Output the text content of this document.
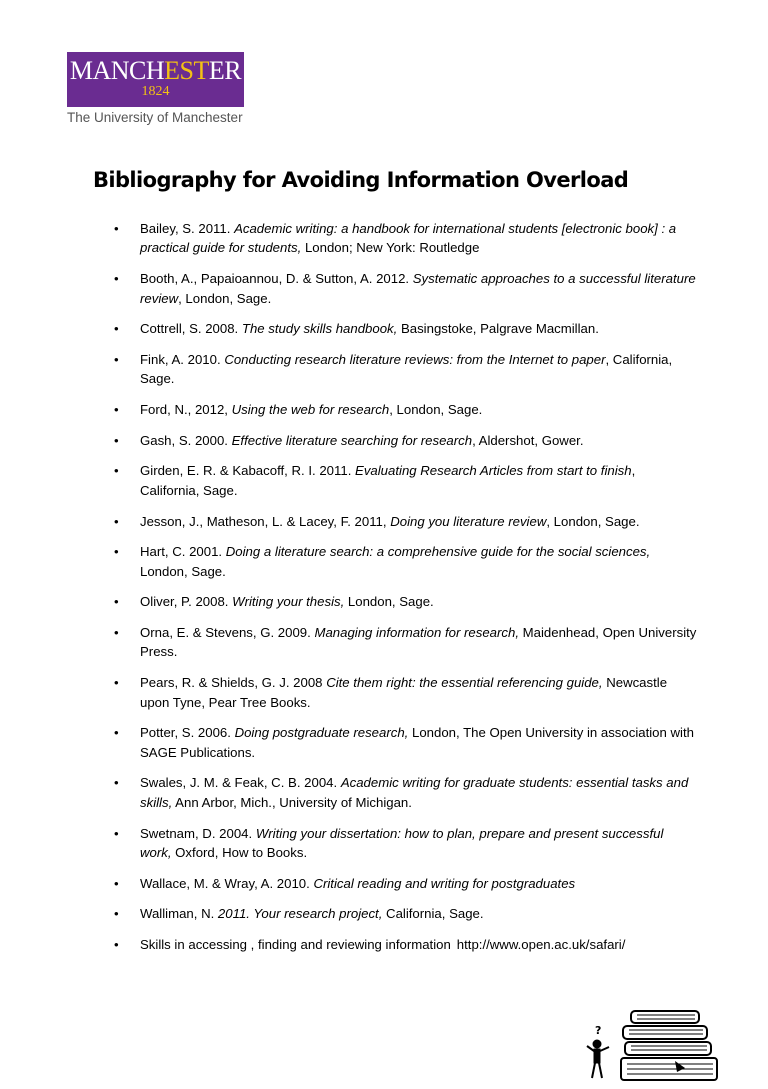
MANCHESTER
1824
The University of Manchester
Bibliography for Avoiding Information Overload
• Bailey, S. 2011. Academic writing: a handbook for international students [electronic book] : a practical guide for students, London; New York: Routledge
• Booth, A., Papaioannou, D. & Sutton, A. 2012. Systematic approaches to a successful literature review, London, Sage.
• Cottrell, S. 2008. The study skills handbook, Basingstoke, Palgrave Macmillan.
• Fink, A. 2010. Conducting research literature reviews: from the Internet to paper, California, Sage.
• Ford, N., 2012, Using the web for research, London, Sage.
• Gash, S. 2000. Effective literature searching for research, Aldershot, Gower.
• Girden, E. R. & Kabacoff, R. I. 2011. Evaluating Research Articles from start to finish, California, Sage.
• Jesson, J., Matheson, L. & Lacey, F. 2011, Doing you literature review, London, Sage.
• Hart, C. 2001. Doing a literature search: a comprehensive guide for the social sciences, London, Sage.
• Oliver, P. 2008. Writing your thesis, London, Sage.
• Orna, E. & Stevens, G. 2009. Managing information for research, Maidenhead, Open University Press.
• Pears, R. & Shields, G. J. 2008 Cite them right: the essential referencing guide, Newcastle upon Tyne, Pear Tree Books.
• Potter, S. 2006. Doing postgraduate research, London, The Open University in association with SAGE Publications.
• Swales, J. M. & Feak, C. B. 2004. Academic writing for graduate students: essential tasks and skills, Ann Arbor, Mich., University of Michigan.
• Swetnam, D. 2004. Writing your dissertation: how to plan, prepare and present successful work, Oxford, How to Books.
• Wallace, M. & Wray, A. 2010. Critical reading and writing for postgraduates
• Walliman, N. 2011. Your research project, California, Sage.
• Skills in accessing , finding and reviewing information http://www.open.ac.uk/safari/
?
